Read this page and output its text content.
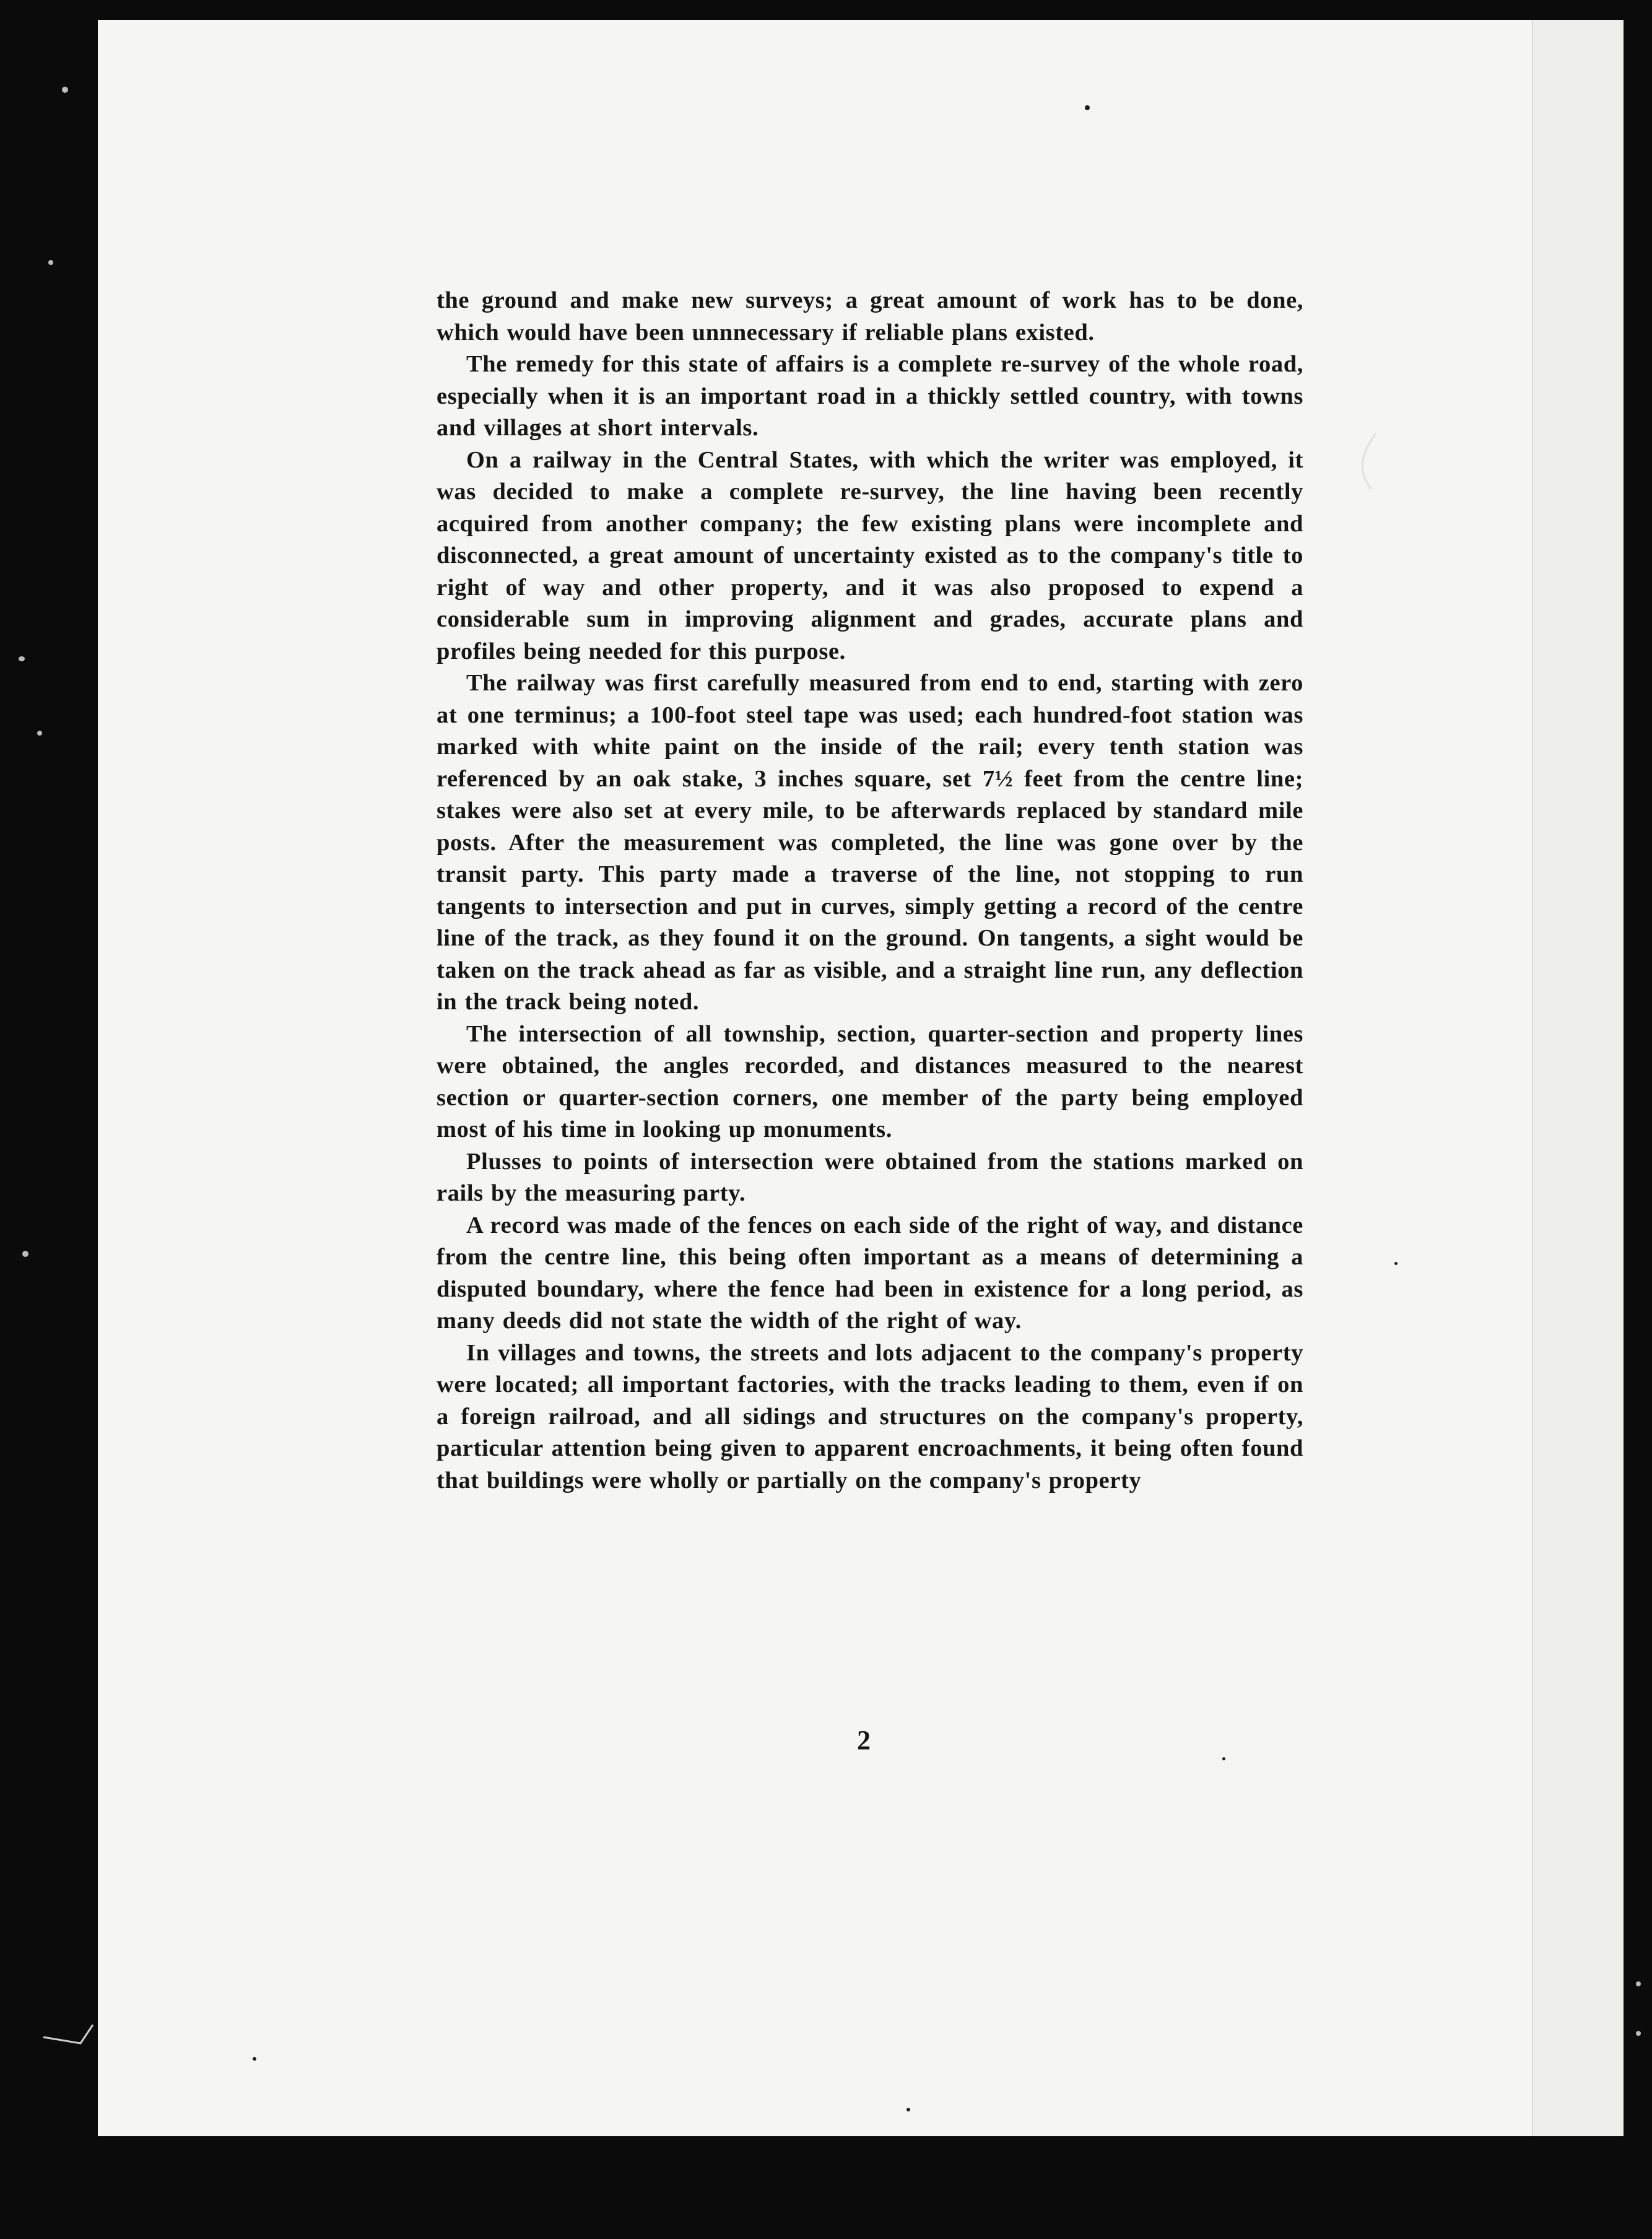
the ground and make new surveys; a great amount of work has to be done, which would have been unnnecessary if reliable plans existed.

The remedy for this state of affairs is a complete re-survey of the whole road, especially when it is an important road in a thickly settled country, with towns and villages at short intervals.

On a railway in the Central States, with which the writer was employed, it was decided to make a complete re-survey, the line having been recently acquired from another company; the few existing plans were incomplete and disconnected, a great amount of uncertainty existed as to the company's title to right of way and other property, and it was also proposed to expend a considerable sum in improving alignment and grades, accurate plans and profiles being needed for this purpose.

The railway was first carefully measured from end to end, starting with zero at one terminus; a 100-foot steel tape was used; each hundred-foot station was marked with white paint on the inside of the rail; every tenth station was referenced by an oak stake, 3 inches square, set 7½ feet from the centre line; stakes were also set at every mile, to be afterwards replaced by standard mile posts. After the measurement was completed, the line was gone over by the transit party. This party made a traverse of the line, not stopping to run tangents to intersection and put in curves, simply getting a record of the centre line of the track, as they found it on the ground. On tangents, a sight would be taken on the track ahead as far as visible, and a straight line run, any deflection in the track being noted.

The intersection of all township, section, quarter-section and property lines were obtained, the angles recorded, and distances measured to the nearest section or quarter-section corners, one member of the party being employed most of his time in looking up monuments.

Plusses to points of intersection were obtained from the stations marked on rails by the measuring party.

A record was made of the fences on each side of the right of way, and distance from the centre line, this being often important as a means of determining a disputed boundary, where the fence had been in existence for a long period, as many deeds did not state the width of the right of way.

In villages and towns, the streets and lots adjacent to the company's property were located; all important factories, with the tracks leading to them, even if on a foreign railroad, and all sidings and structures on the company's property, particular attention being given to apparent encroachments, it being often found that buildings were wholly or partially on the company's property

2
